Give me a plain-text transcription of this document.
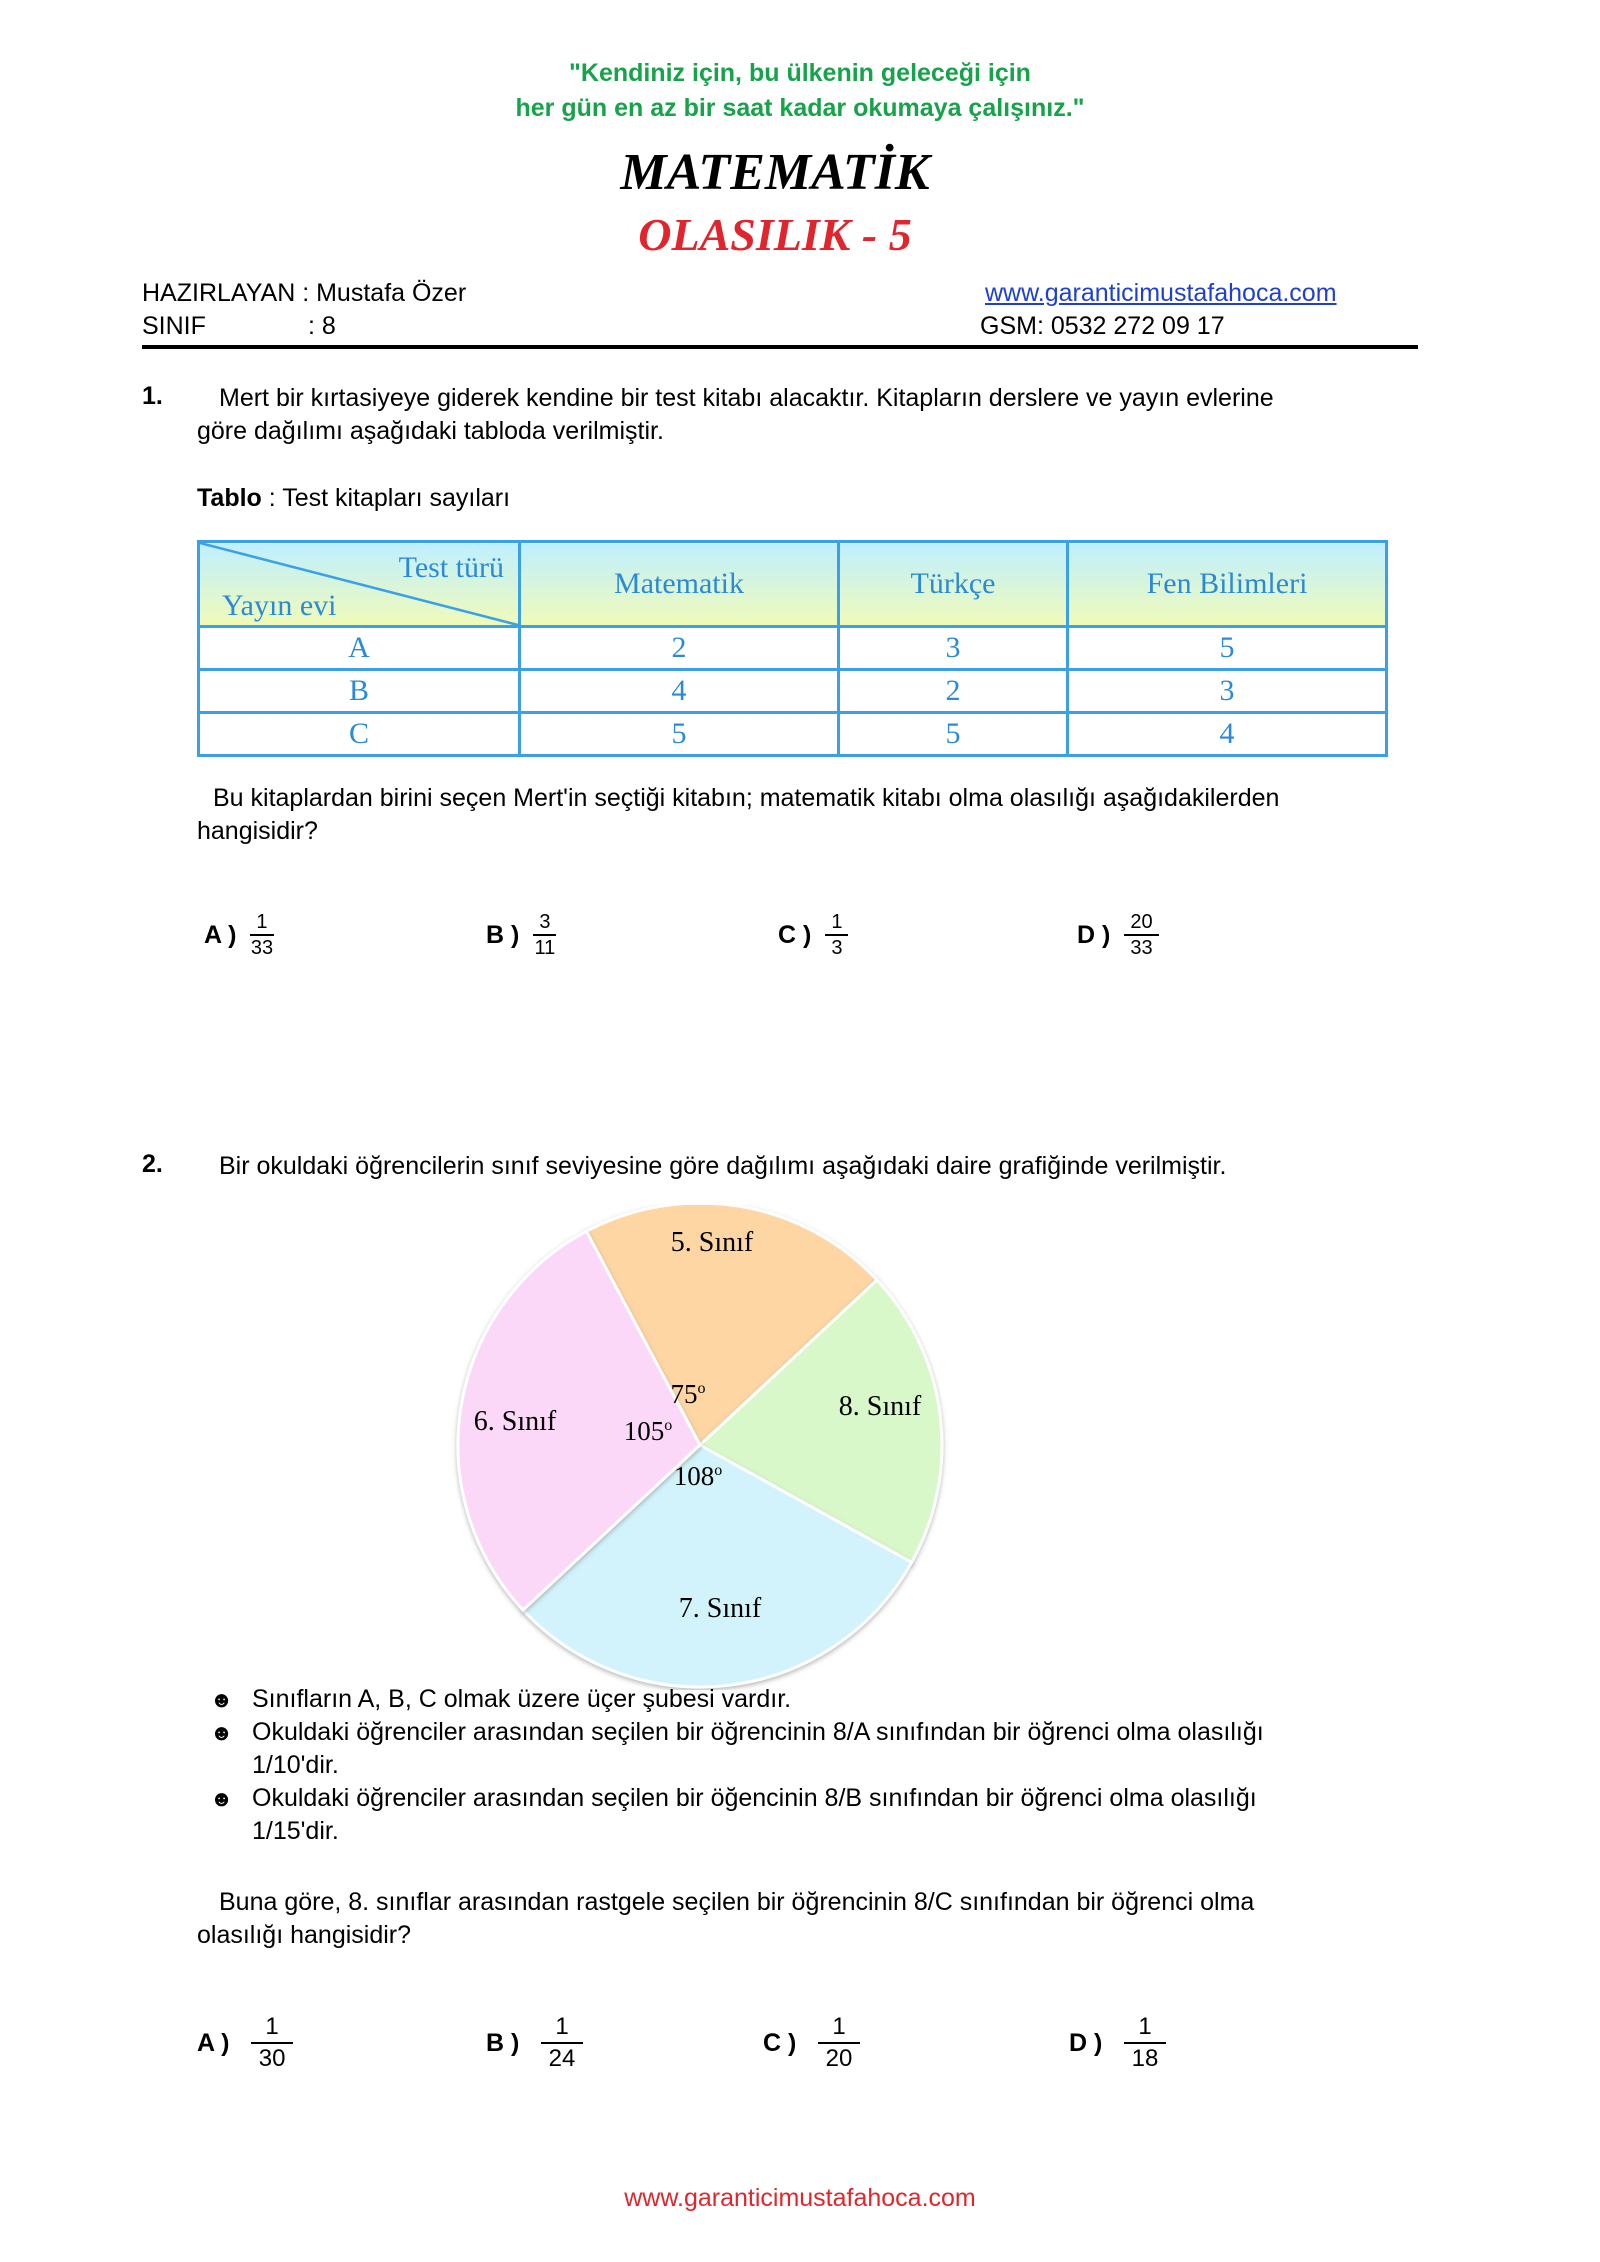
"Kendiniz için, bu ülkenin geleceği için
her gün en az bir saat kadar okumaya çalışınız."
MATEMATİK
OLASILIK - 5
HAZIRLAYAN : Mustafa Özer
SINIF	: 8
www.garanticimustafahoca.com
GSM: 0532 272 09 17
1. Mert bir kırtasiyeye giderek kendine bir test kitabı alacaktır. Kitapların derslere ve yayın evlerine
göre dağılımı aşağıdaki tabloda verilmiştir.
Tablo : Test kitapları sayıları
Test türü
Yayın evi	Matematik	Türkçe	Fen Bilimleri
A	2	3	5
B	4	2	3
C	5	5	4
Bu kitaplardan birini seçen Mert'in seçtiği kitabın; matematik kitabı olma olasılığı aşağıdakilerden
hangisidir?
A ) $\frac{1}{33}$	B ) $\frac{3}{11}$	C ) $\frac{1}{3}$	D ) $\frac{20}{33}$
2. Bir okuldaki öğrencilerin sınıf seviyesine göre dağılımı aşağıdaki daire grafiğinde verilmiştir.
5. Sınıf
8. Sınıf
7. Sınıf
6. Sınıf
75$^o$
105$^o$
108$^o$
☻ Sınıfların A, B, C olmak üzere üçer şubesi vardır.
☻ Okuldaki öğrenciler arasından seçilen bir öğrencinin 8/A sınıfından bir öğrenci olma olasılığı
1/10'dir.
☻ Okuldaki öğrenciler arasından seçilen bir öğencinin 8/B sınıfından bir öğrenci olma olasılığı
1/15'dir.
Buna göre, 8. sınıflar arasından rastgele seçilen bir öğrencinin 8/C sınıfından bir öğrenci olma
olasılığı hangisidir?
A ) $\frac{1}{30}$	B ) $\frac{1}{24}$	C ) $\frac{1}{20}$	D ) $\frac{1}{18}$
www.garanticimustafahoca.com
